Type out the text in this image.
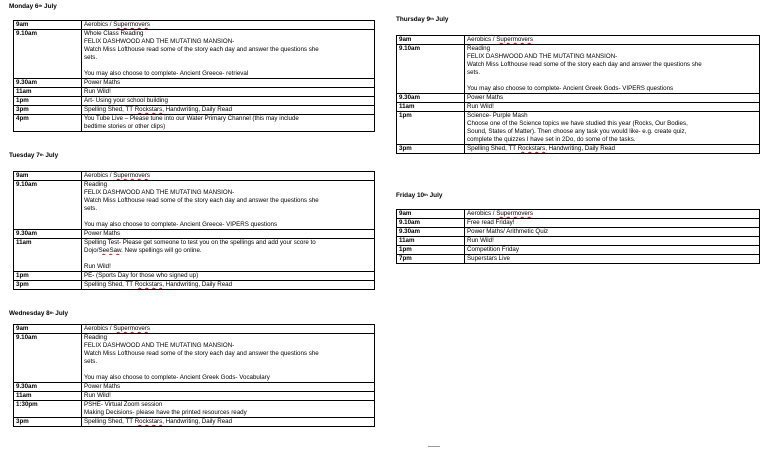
Monday 6th July
9am	Aerobics / Supermovers

9.10am	Whole Class Reading
FELIX DASHWOOD AND THE MUTATING MANSION-
Watch Miss Lofthouse read some of the story each day and answer the questions she
sets.
You may also choose to complete- Ancient Greece- retrieval

9.30am	Power Maths

11am	Run Wild!

1pm	Art- Using your school building

3pm	Spelling Shed, TT Rockstars, Handwriting, Daily Read

4pm	You Tube Live – Please tune into our Water Primary Channel (this may include
bedtime stories or other clips)
Tuesday 7th July
9am	Aerobics / Supermovers

9.10am	Reading
FELIX DASHWOOD AND THE MUTATING MANSION-
Watch Miss Lofthouse read some of the story each day and answer the questions she
sets.
You may also choose to complete- Ancient Greece- VIPERS questions

9.30am	Power Maths

11am	Spelling Test- Please get someone to test you on the spellings and add your score to
Dojo/SeeSaw. New spellings will go online.
Run Wild!

1pm	PE- (Sports Day for those who signed up)

3pm	Spelling Shed, TT Rockstars, Handwriting, Daily Read
Wednesday 8th July
9am	Aerobics / Supermovers

9.10am	Reading
FELIX DASHWOOD AND THE MUTATING MANSION-
Watch Miss Lofthouse read some of the story each day and answer the questions she
sets.
You may also choose to complete- Ancient Greek Gods- Vocabulary

9.30am	Power Maths

11am	Run Wild!

1:30pm	PSHE- Virtual Zoom session
Making Decisions- please have the printed resources ready

3pm	Spelling Shed, TT Rockstars, Handwriting, Daily Read
Thursday 9th July
9am	Aerobics / Supermovers

9.10am	Reading
FELIX DASHWOOD AND THE MUTATING MANSION-
Watch Miss Lofthouse read some of the story each day and answer the questions she
sets.
You may also choose to complete- Ancient Greek Gods- VIPERS questions

9.30am	Power Maths

11am	Run Wild!

1pm	Science- Purple Mash
Choose one of the Science topics we have studied this year (Rocks, Our Bodies,
Sound, States of Matter). Then choose any task you would like- e.g. create quiz,
complete the quizzes I have set in 2Do, do some of the tasks.

3pm	Spelling Shed, TT Rockstars, Handwriting, Daily Read
Friday 10th July
9am	Aerobics / Supermovers

9.10am	Free read Friday!

9.30am	Power Maths/ Arithmetic Quiz

11am	Run Wild!

1pm	Competition Friday

7pm	Superstars Live
